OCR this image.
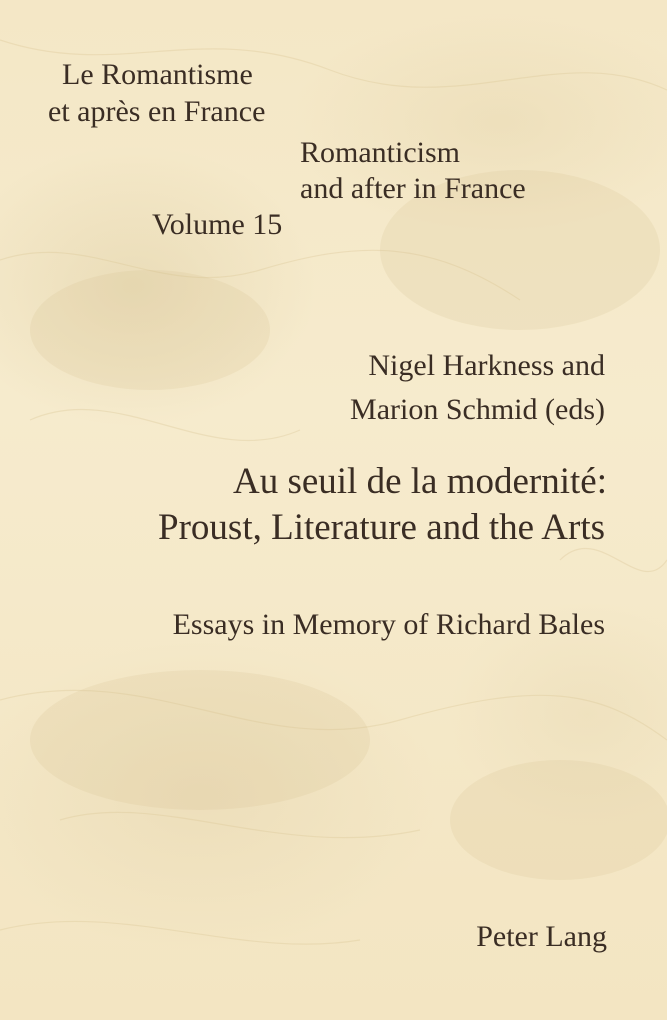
Le Romantisme
et après en France
Romanticism
and after in France
Volume 15
Nigel Harkness and
Marion Schmid (eds)
Au seuil de la modernité:
Proust, Literature and the Arts
Essays in Memory of Richard Bales
Peter Lang
